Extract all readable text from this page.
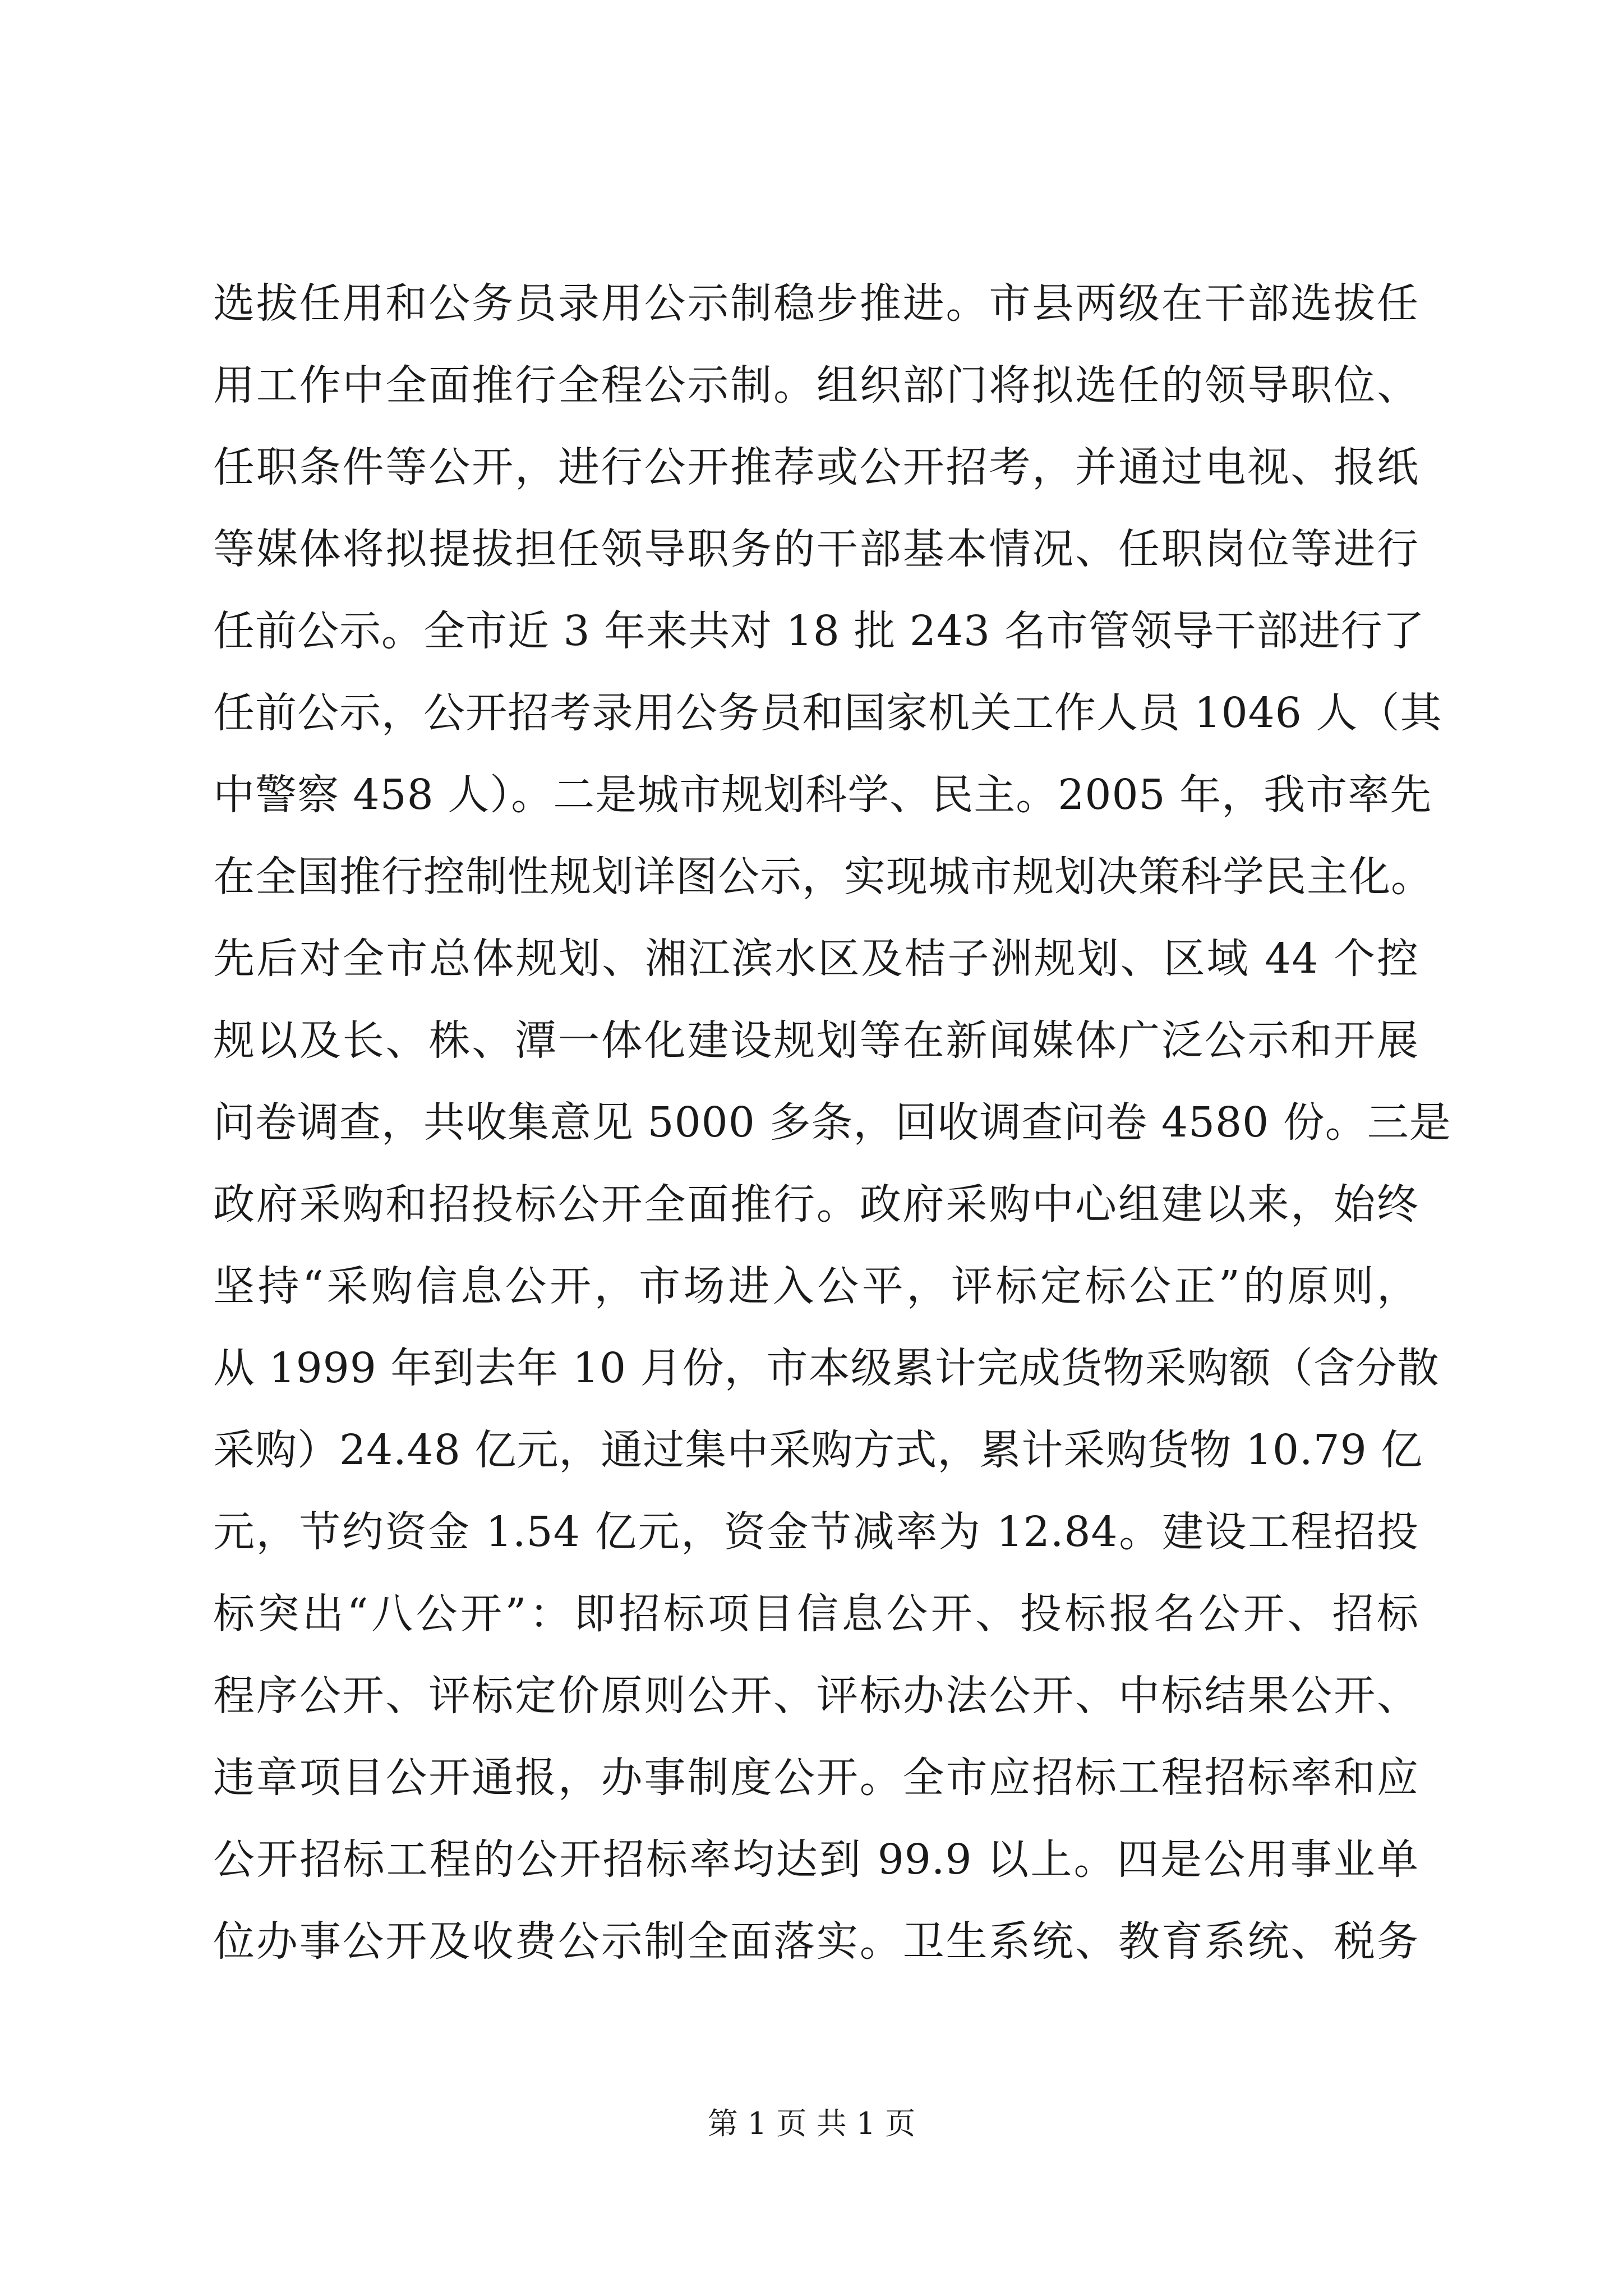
选拔任用和公务员录用公示制稳步推进。市县两级在干部选拔任
用工作中全面推行全程公示制。组织部门将拟选任的领导职位、
任职条件等公开，进行公开推荐或公开招考，并通过电视、报纸
等媒体将拟提拔担任领导职务的干部基本情况、任职岗位等进行
任前公示。全市近 3 年来共对 18 批 243 名市管领导干部进行了
任前公示，公开招考录用公务员和国家机关工作人员 1046 人（其
中警察 458 人）。二是城市规划科学、民主。2005 年，我市率先
在全国推行控制性规划详图公示，实现城市规划决策科学民主化。
先后对全市总体规划、湘江滨水区及桔子洲规划、区域 44 个控
规以及长、株、潭一体化建设规划等在新闻媒体广泛公示和开展
问卷调查，共收集意见 5000 多条，回收调查问卷 4580 份。三是
政府采购和招投标公开全面推行。政府采购中心组建以来，始终
坚持“采购信息公开，市场进入公平，评标定标公正”的原则，
从 1999 年到去年 10 月份，市本级累计完成货物采购额（含分散
采购）24.48 亿元，通过集中采购方式，累计采购货物 10.79 亿
元，节约资金 1.54 亿元，资金节减率为 12.84。建设工程招投
标突出“八公开”：即招标项目信息公开、投标报名公开、招标
程序公开、评标定价原则公开、评标办法公开、中标结果公开、
违章项目公开通报，办事制度公开。全市应招标工程招标率和应
公开招标工程的公开招标率均达到 99.9 以上。四是公用事业单
位办事公开及收费公示制全面落实。卫生系统、教育系统、税务
第 1 页 共 1 页
